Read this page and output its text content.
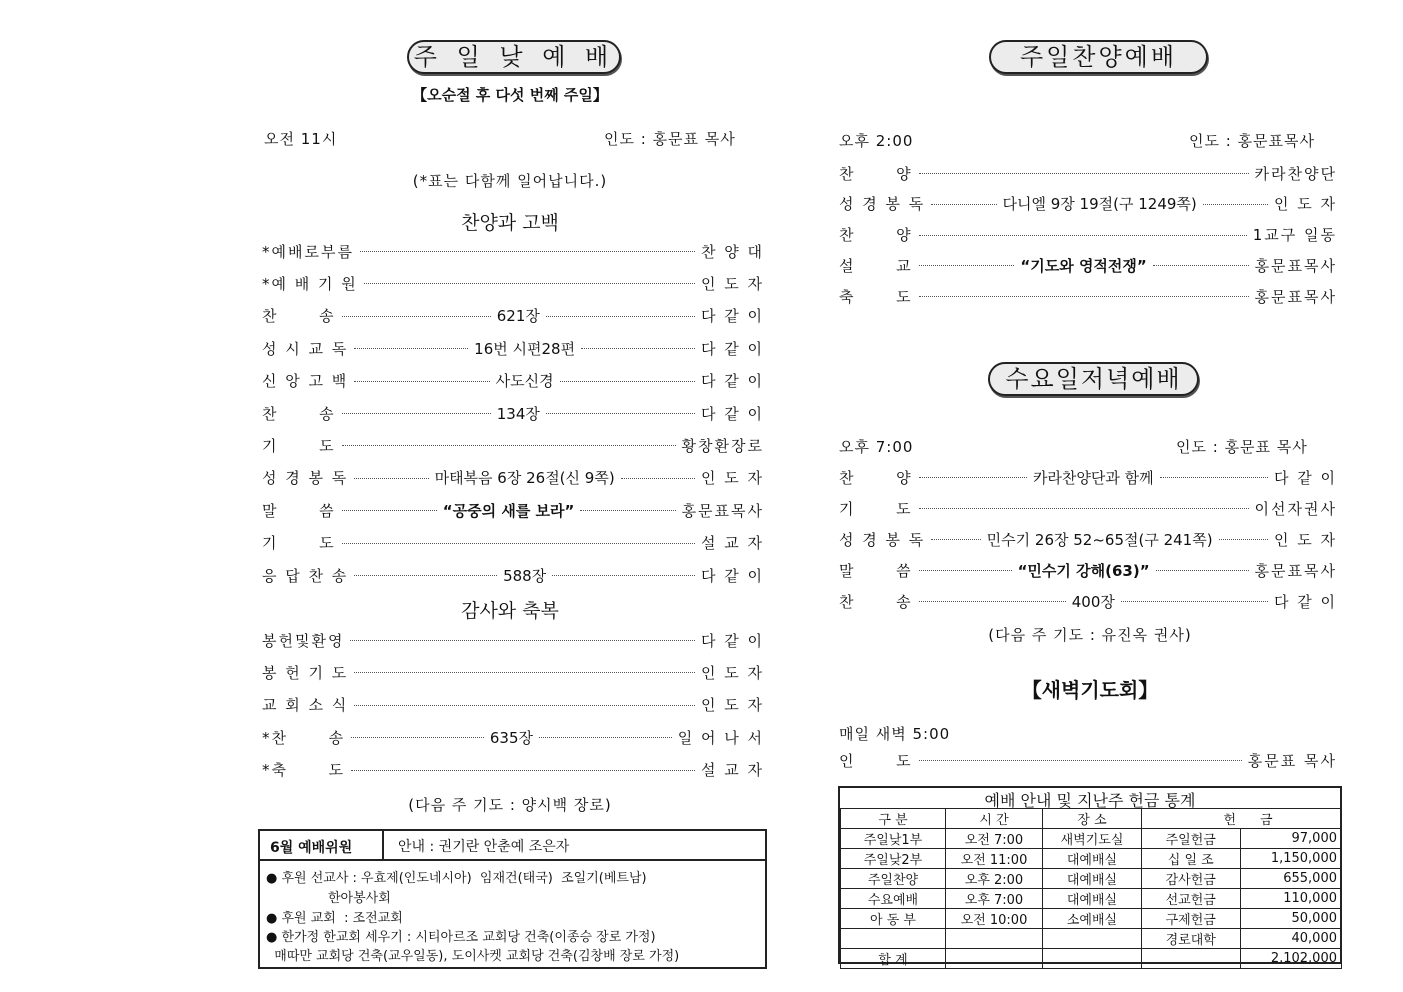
주 일 낮 예 배
【오순절 후 다섯 번째 주일】
오전 11시	인도 : 홍문표 목사
(*표는 다함께 일어납니다.)
찬양과 고백
*예배로부름	찬 양 대
*예 배 기 원	인 도 자
찬      송	621장	다 같 이
성 시 교 독	16번 시편28편	다 같 이
신 앙 고 백	사도신경	다 같 이
찬      송	134장	다 같 이
기      도	황창환장로
성 경 봉 독	마태복음 6장 26절(신 9쪽)	인 도 자
말      씀	“공중의 새를 보라”	홍문표목사
기      도	설 교 자
응 답 찬 송	588장	다 같 이
감사와 축복
봉헌및환영	다 같 이
봉 헌 기 도	인 도 자
교 회 소 식	인 도 자
*찬      송	635장	일 어 나 서
*축      도	설 교 자
(다음 주 기도 : 양시백 장로)
6월 예배위원	안내 : 권기란 안춘예 조은자
● 후원 선교사 : 우효제(인도네시아)  임재건(태국)  조일기(베트남)
한아봉사회
● 후원 교회  : 조전교회
● 한가정 한교회 세우기 : 시티아르조 교회당 건축(이종승 장로 가정)
매따만 교회당 건축(교우일동), 도이사켓 교회당 건축(김창배 장로 가정)
주일찬양예배
오후 2:00	인도 : 홍문표목사
찬      양	카라찬양단
성 경 봉 독	다니엘 9장 19절(구 1249쪽)	인 도 자
찬      양	1교구 일동
설      교	“기도와 영적전쟁”	홍문표목사
축      도	홍문표목사
수요일저녁예배
오후 7:00	인도 : 홍문표 목사
찬      양	카라찬양단과 함께	다 같 이
기      도	이선자권사
성 경 봉 독	민수기 26장 52~65절(구 241쪽)	인 도 자
말      씀	“민수기 강해(63)”	홍문표목사
찬      송	400장	다 같 이
(다음 주 기도 : 유진옥 권사)
【새벽기도회】
매일 새벽 5:00
인      도	홍문표 목사
예배 안내 및 지난주 헌금 통계
구 분	시 간	장 소	헌	금
주일낮1부	오전 7:00	새벽기도실	주일헌금	97,000
주일낮2부	오전 11:00	대예배실	십 일 조	1,150,000
주일찬양	오후 2:00	대예배실	감사헌금	655,000
수요예배	오후 7:00	대예배실	선교헌금	110,000
아 동 부	오전 10:00	소예배실	구제헌금	50,000
			경로대학	40,000
합 계				2,102,000
